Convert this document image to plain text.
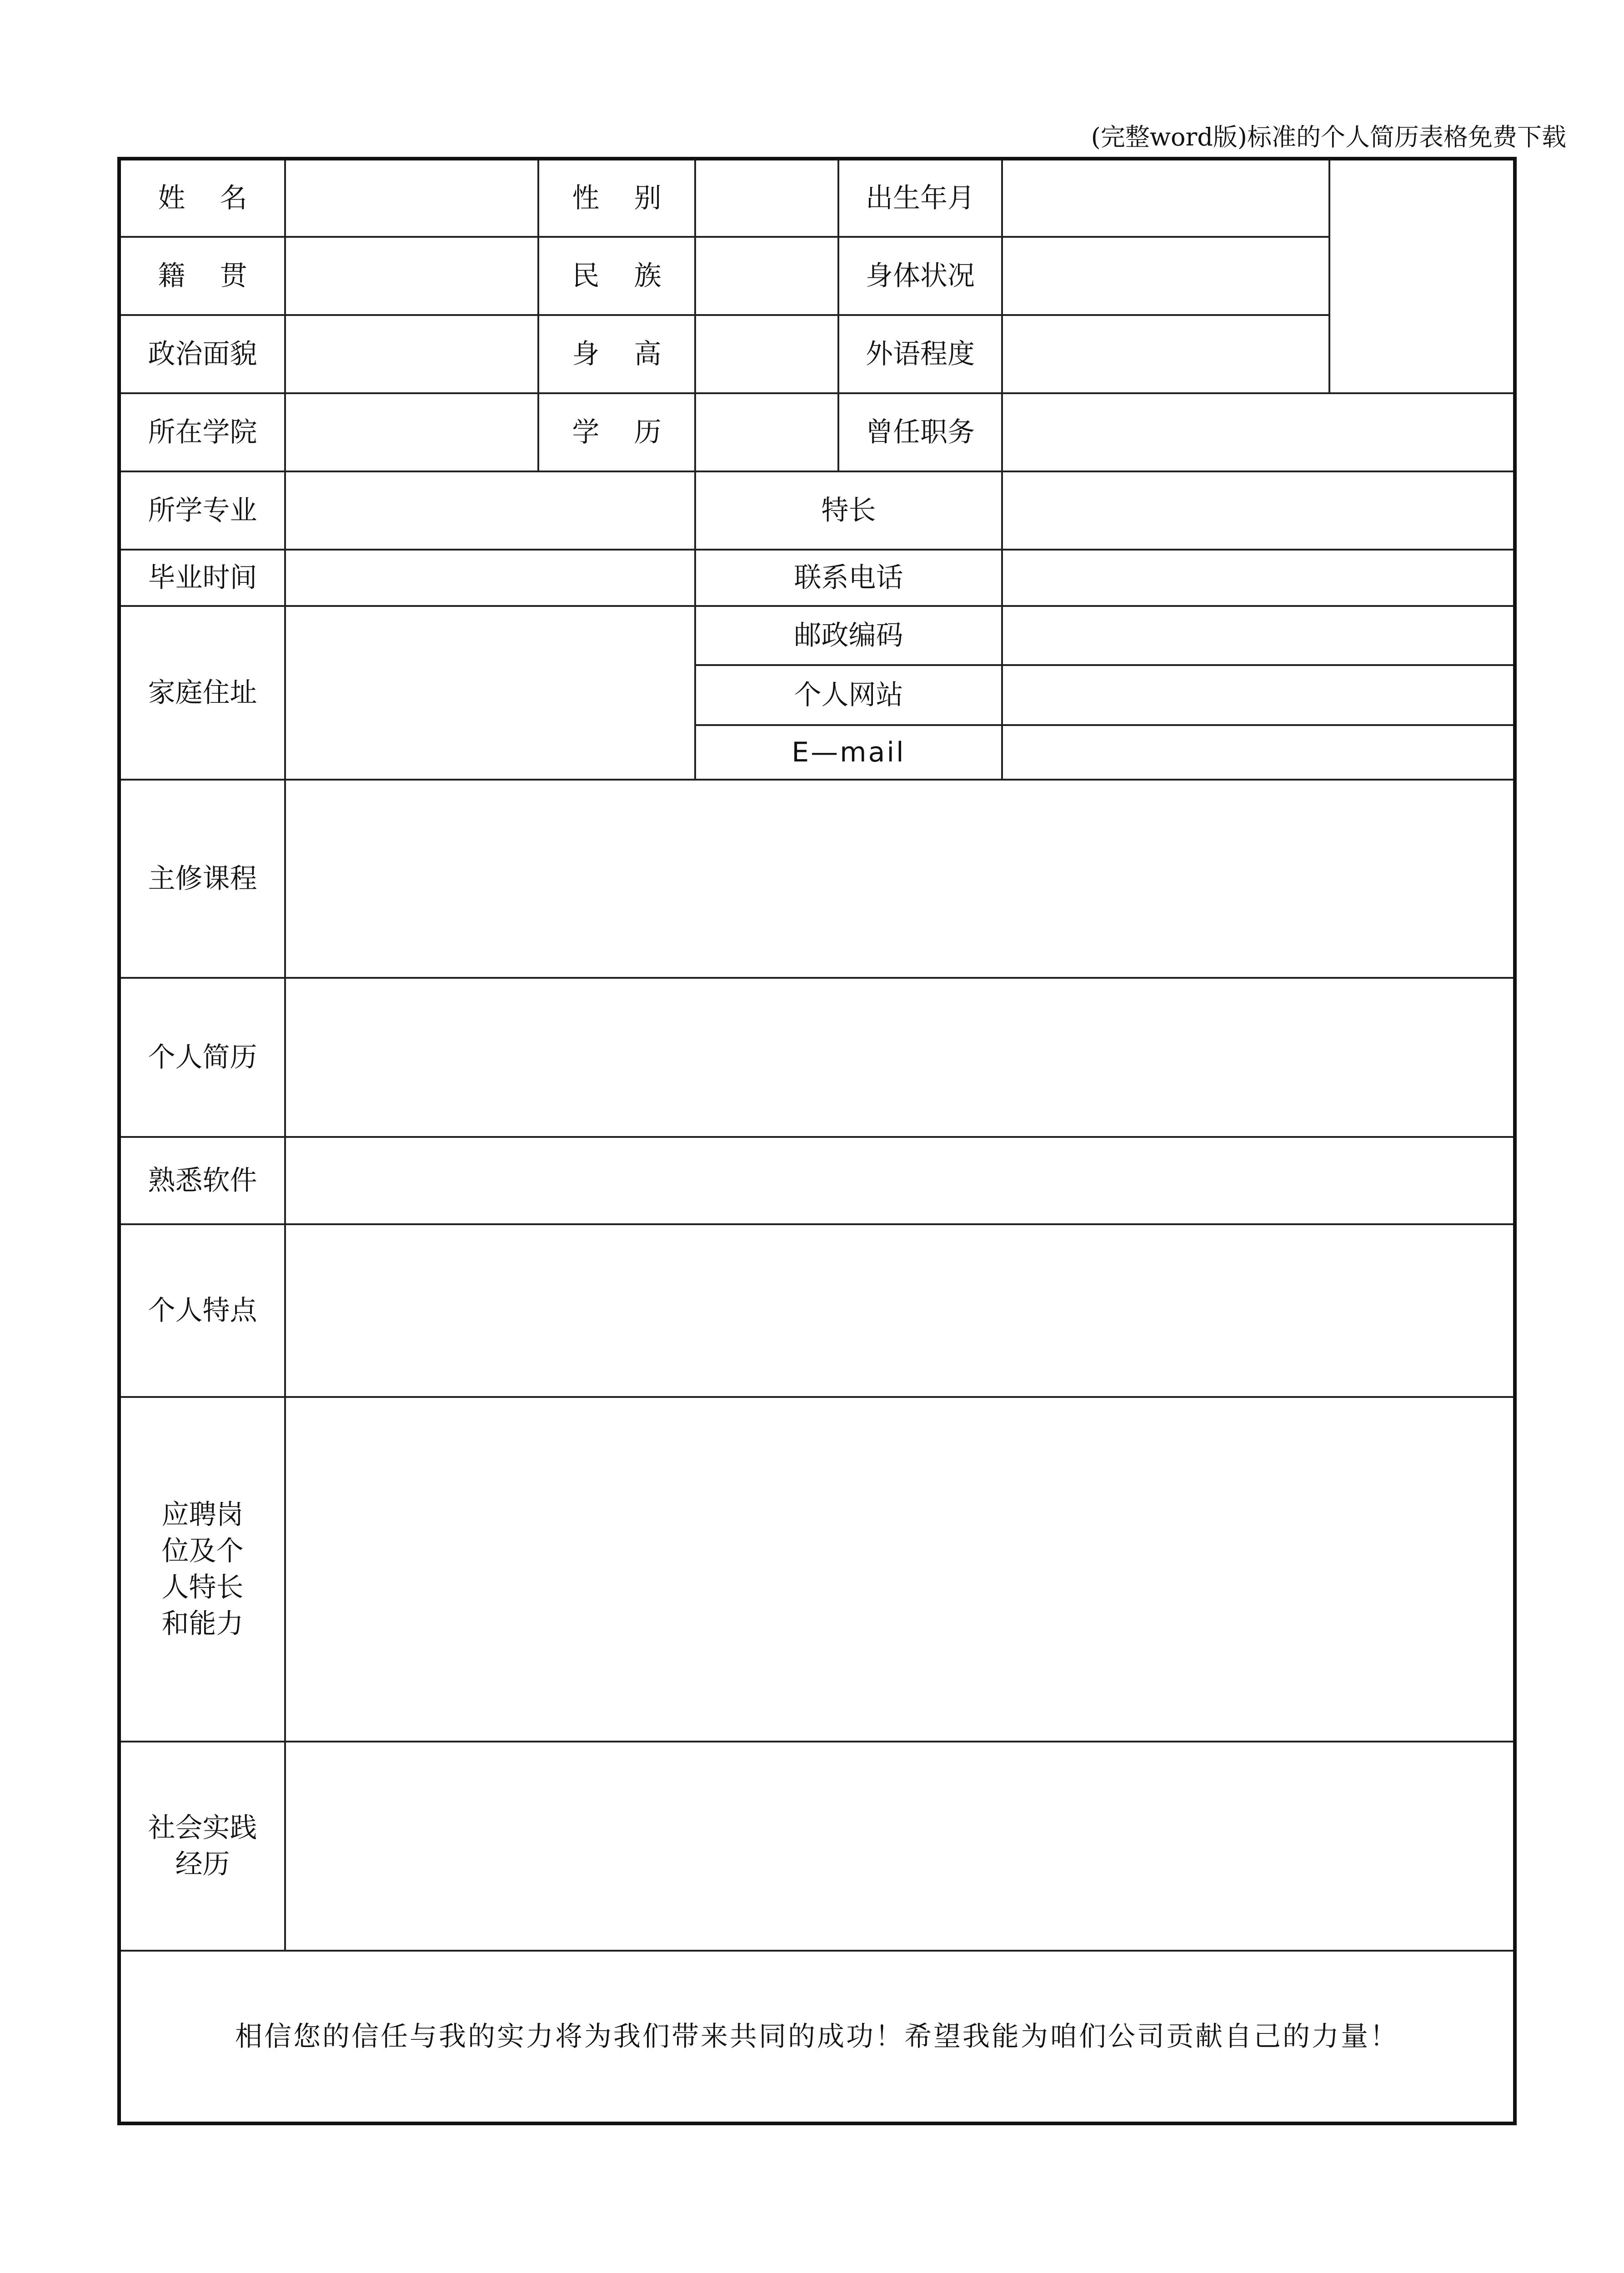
(完整word版)标准的个人简历表格免费下载
姓    名		性    别		出生年月		
籍    贯		民    族		身体状况		
政治面貌		身    高		外语程度		
所在学院		学    历		曾任职务		
所学专业			特长			
毕业时间			联系电话			
家庭住址			邮政编码			
			个人网站			
			E—mail			
主修课程						
个人简历						
熟悉软件						
个人特点						
应聘岗
位及个
人特长
和能力						
社会实践
经历						
相信您的信任与我的实力将为我们带来共同的成功！希望我能为咱们公司贡献自己的力量！						
